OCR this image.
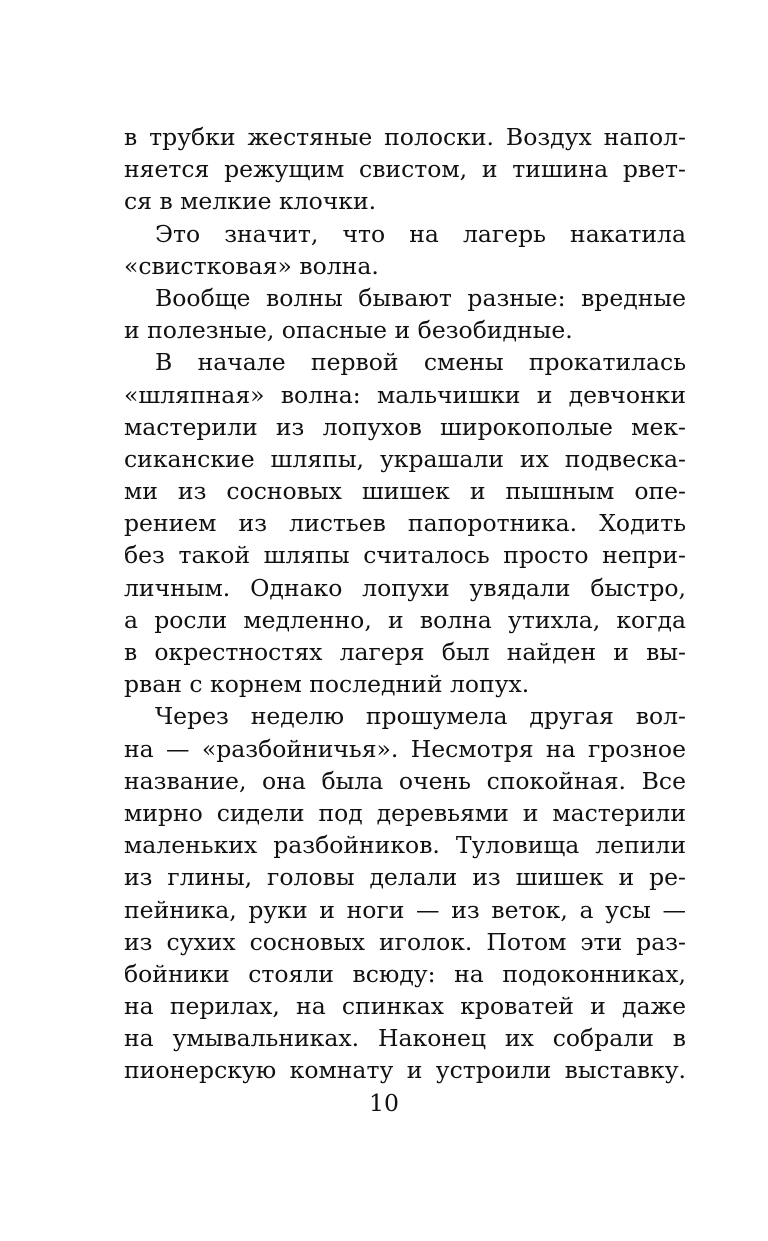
в трубки жестяные полоски. Воздух напол-
няется режущим свистом, и тишина рвет-
ся в мелкие клочки.
Это значит, что на лагерь накатила
«свистковая» волна.
Вообще волны бывают разные: вредные
и полезные, опасные и безобидные.
В начале первой смены прокатилась
«шляпная» волна: мальчишки и девчонки
мастерили из лопухов широкополые мек-
сиканские шляпы, украшали их подвеска-
ми из сосновых шишек и пышным опе-
рением из листьев папоротника. Ходить
без такой шляпы считалось просто непри-
личным. Однако лопухи увядали быстро,
а росли медленно, и волна утихла, когда
в окрестностях лагеря был найден и вы-
рван с корнем последний лопух.
Через неделю прошумела другая вол-
на — «разбойничья». Несмотря на грозное
название, она была очень спокойная. Все
мирно сидели под деревьями и мастерили
маленьких разбойников. Туловища лепили
из глины, головы делали из шишек и ре-
пейника, руки и ноги — из веток, а усы —
из сухих сосновых иголок. Потом эти раз-
бойники стояли всюду: на подоконниках,
на перилах, на спинках кроватей и даже
на умывальниках. Наконец их собрали в
пионерскую комнату и устроили выставку.
10
